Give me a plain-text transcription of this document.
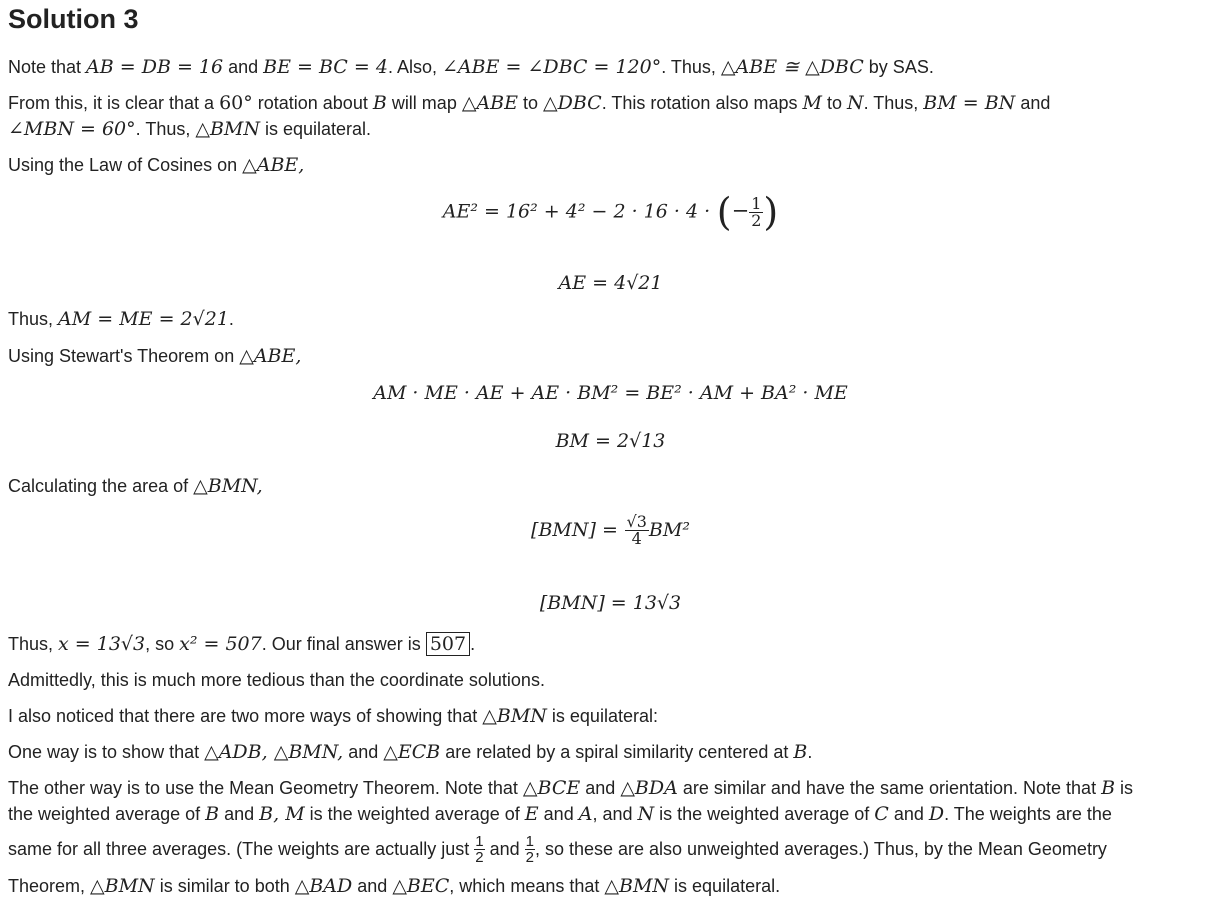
Solution 3
Note that AB = DB = 16 and BE = BC = 4. Also, ∠ABE = ∠DBC = 120°. Thus, △ABE ≅ △DBC by SAS.
From this, it is clear that a 60° rotation about B will map △ABE to △DBC. This rotation also maps M to N. Thus, BM = BN and
∠MBN = 60°. Thus, △BMN is equilateral.
Using the Law of Cosines on △ABE,
AE² = 16² + 4² − 2 · 16 · 4 · (− $\frac{1}{2}$ )
AE = 4√21
Thus, AM = ME = 2√21.
Using Stewart's Theorem on △ABE,
AM · ME · AE + AE · BM² = BE² · AM + BA² · ME
BM = 2√13
Calculating the area of △BMN,
$[BMN] = \frac{√3}{4} BM^2$
[BMN] = 13√3
Thus, x = 13√3, so x² = 507. Our final answer is 507 .
Admittedly, this is much more tedious than the coordinate solutions.
I also noticed that there are two more ways of showing that △BMN is equilateral:
One way is to show that △ADB, △BMN, and △ECB are related by a spiral similarity centered at B.
The other way is to use the Mean Geometry Theorem. Note that △BCE and △BDA are similar and have the same orientation. Note that B is
the weighted average of B and B, M is the weighted average of E and A, and N is the weighted average of C and D. The weights are the
same for all three averages. (The weights are actually just $\frac{1}{2}$ and $\frac{1}{2}$ , so these are also unweighted averages.) Thus, by the Mean Geometry
Theorem, △BMN is similar to both △BAD and △BEC, which means that △BMN is equilateral.
